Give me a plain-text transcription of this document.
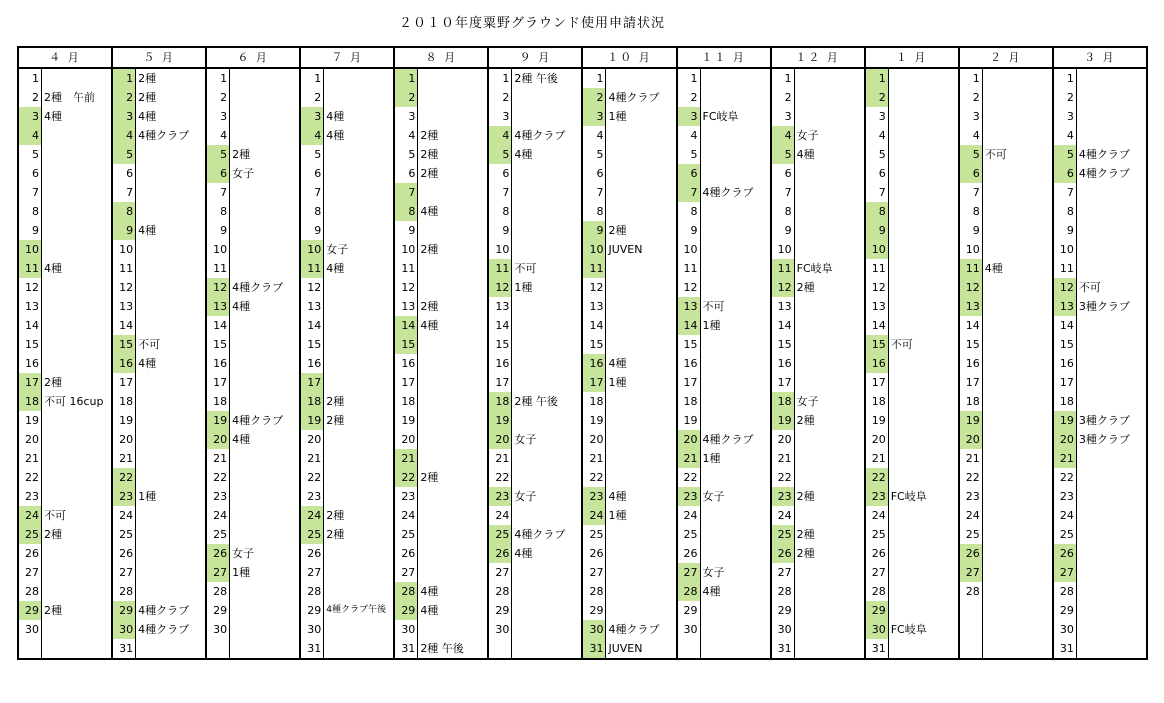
２０１０年度粟野グラウンド使用申請状況
４ 月	５ 月	６ 月	７ 月	８ 月	９ 月	１０ 月	１１ 月	１２ 月	１ 月	２ 月	３ 月

1	1 2種	1	1	1	1 2種 午後	1	1	1	1	1	1

2 2種　午前	2 2種	2	2	2	2	2 4種クラブ	2	2	2	2	2

3 4種	3 4種	3	3 4種	3	3	3 1種	3 FC岐阜	3	3	3	3

4	4 4種クラブ	4	4 4種	4 2種	4 4種クラブ	4	4	4 女子	4	4	4

5	5	5 2種	5	5 2種	5 4種	5	5	5 4種	5	5 不可	5 4種クラブ

6	6	6 女子	6	6 2種	6	6	6	6	6	6	6 4種クラブ

7	7	7	7	7	7	7	7 4種クラブ	7	7	7	7

8	8	8	8	8 4種	8	8	8	8	8	8	8

9	9 4種	9	9	9	9	9 2種	9	9	9	9	9

10	10	10	10 女子	10 2種	10	10 JUVEN	10	10	10	10	10

11 4種	11	11	11 4種	11	11 不可	11	11	11 FC岐阜	11	11 4種	11

12	12	12 4種クラブ	12	12	12 1種	12	12	12 2種	12	12	12 不可

13	13	13 4種	13	13 2種	13	13	13 不可	13	13	13	13 3種クラブ

14	14	14	14	14 4種	14	14	14 1種	14	14	14	14

15	15 不可	15	15	15	15	15	15	15	15 不可	15	15

16	16 4種	16	16	16	16	16 4種	16	16	16	16	16

17 2種	17	17	17	17	17	17 1種	17	17	17	17	17

18 不可 16cup	18	18	18 2種	18	18 2種 午後	18	18	18 女子	18	18	18

19	19	19 4種クラブ	19 2種	19	19	19	19	19 2種	19	19	19 3種クラブ

20	20	20 4種	20	20	20 女子	20	20 4種クラブ	20	20	20	20 3種クラブ

21	21	21	21	21	21	21	21 1種	21	21	21	21

22	22	22	22	22 2種	22	22	22	22	22	22	22

23	23 1種	23	23	23	23 女子	23 4種	23 女子	23 2種	23 FC岐阜	23	23

24 不可	24	24	24 2種	24	24	24 1種	24	24	24	24	24

25 2種	25	25	25 2種	25	25 4種クラブ	25	25	25 2種	25	25	25

26	26	26 女子	26	26	26 4種	26	26	26 2種	26	26	26

27	27	27 1種	27	27	27	27	27 女子	27	27	27	27

28	28	28	28	28 4種	28	28	28 4種	28	28	28	28

29 2種	29 4種クラブ	29	29 4種クラブ午後	29 4種	29	29	29	29	29		29

30	30 4種クラブ	30	30	30	30	30 4種クラブ	30	30	30 FC岐阜		30

	31		31	31 2種 午後		31 JUVEN		31	31		31
